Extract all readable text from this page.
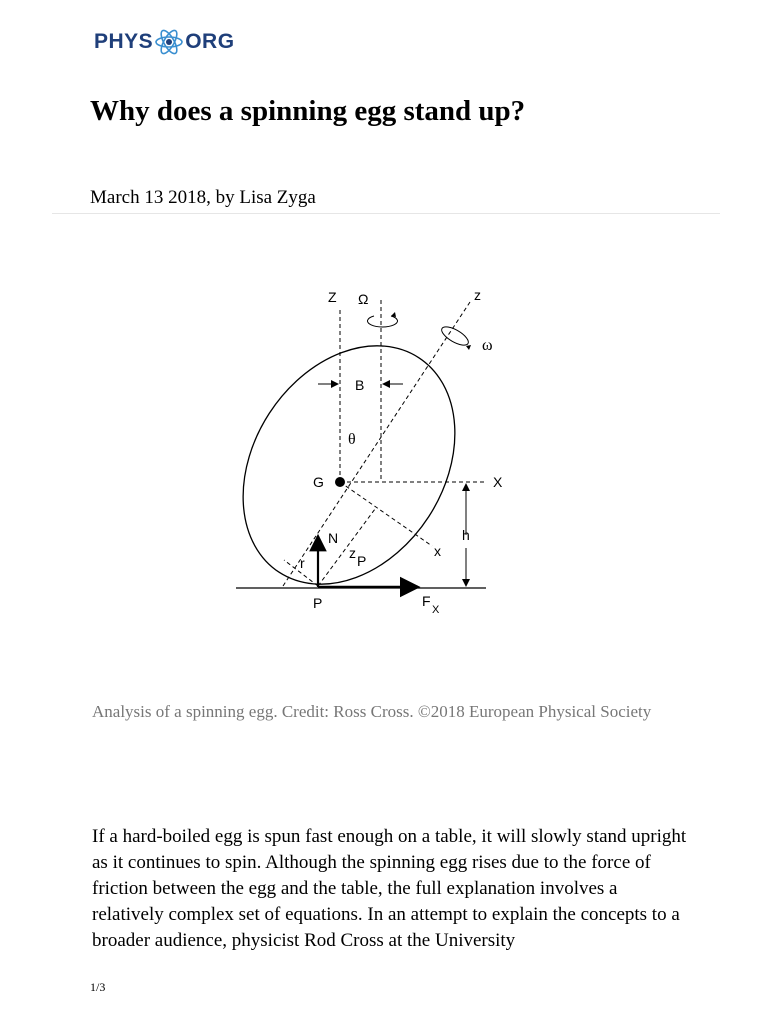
PHYS ORG
Why does a spinning egg stand up?
March 13 2018, by Lisa Zyga
Z Ω	z
ω
B
θ
G	X
N
z P
x
h
r
P	F
X
Analysis of a spinning egg. Credit: Ross Cross. ©2018 European Physical Society

If a hard-boiled egg is spun fast enough on a table, it will slowly stand upright as it continues to spin. Although the spinning egg rises due to the force of friction between the egg and the table, the full explanation involves a relatively complex set of equations. In an attempt to explain the concepts to a broader audience, physicist Rod Cross at the University

1/3
